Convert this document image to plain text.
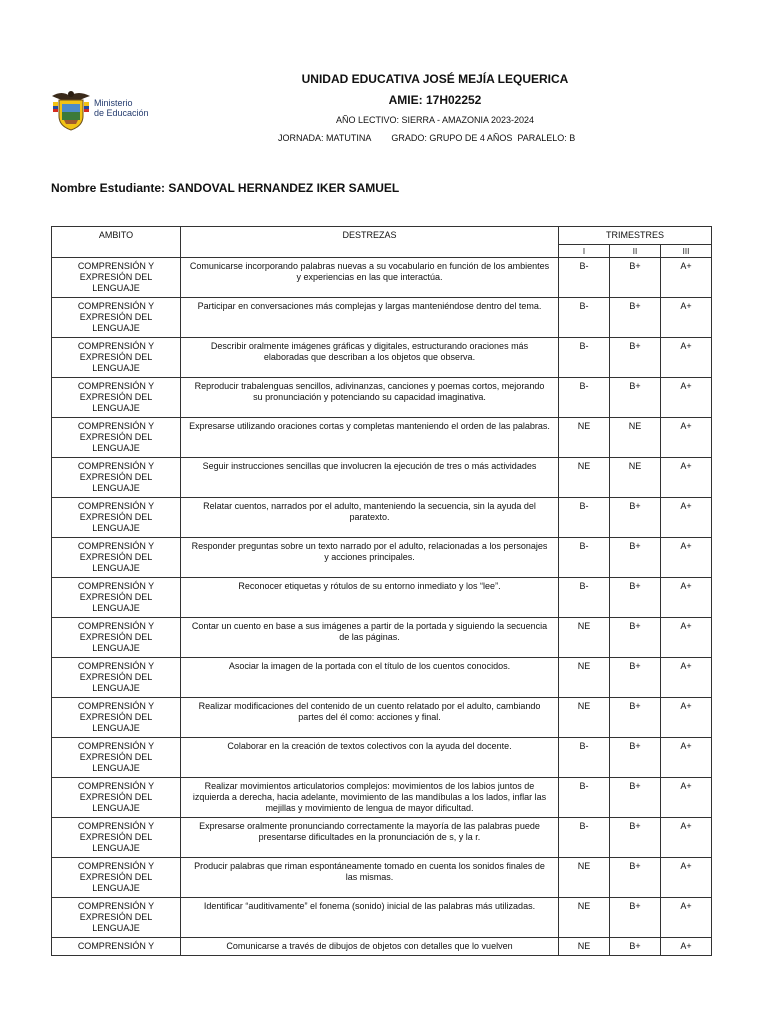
Ministerio
de Educación
UNIDAD EDUCATIVA JOSÉ MEJÍA LEQUERICA
AMIE: 17H02252
AÑO LECTIVO: SIERRA - AMAZONIA 2023-2024
JORNADA: MATUTINA GRADO: GRUPO DE 4 AÑOS  PARALELO: B
Nombre Estudiante: SANDOVAL HERNANDEZ IKER SAMUEL
AMBITO	DESTREZAS	TRIMESTRES		
		I	II	III
COMPRENSIÓN Y EXPRESIÓN DEL LENGUAJE	Comunicarse incorporando palabras nuevas a su vocabulario en función de los ambientes y experiencias en las que interactúa.	B-	B+	A+
COMPRENSIÓN Y EXPRESIÓN DEL LENGUAJE	Participar en conversaciones más complejas y largas manteniéndose dentro del tema.	B-	B+	A+
COMPRENSIÓN Y EXPRESIÓN DEL LENGUAJE	Describir oralmente imágenes gráficas y digitales, estructurando oraciones más elaboradas que describan a los objetos que observa.	B-	B+	A+
COMPRENSIÓN Y EXPRESIÓN DEL LENGUAJE	Reproducir trabalenguas sencillos, adivinanzas, canciones y poemas cortos, mejorando su pronunciación y potenciando su capacidad imaginativa.	B-	B+	A+
COMPRENSIÓN Y EXPRESIÓN DEL LENGUAJE	Expresarse utilizando oraciones cortas y completas manteniendo el orden de las palabras.	NE	NE	A+
COMPRENSIÓN Y EXPRESIÓN DEL LENGUAJE	Seguir instrucciones sencillas que involucren la ejecución de tres o más actividades	NE	NE	A+
COMPRENSIÓN Y EXPRESIÓN DEL LENGUAJE	Relatar cuentos, narrados por el adulto, manteniendo la secuencia, sin la ayuda del paratexto.	B-	B+	A+
COMPRENSIÓN Y EXPRESIÓN DEL LENGUAJE	Responder preguntas sobre un texto narrado por el adulto, relacionadas a los personajes y acciones principales.	B-	B+	A+
COMPRENSIÓN Y EXPRESIÓN DEL LENGUAJE	Reconocer etiquetas y rótulos de su entorno inmediato y los “lee”.	B-	B+	A+
COMPRENSIÓN Y EXPRESIÓN DEL LENGUAJE	Contar un cuento en base a sus imágenes a partir de la portada y siguiendo la secuencia de las páginas.	NE	B+	A+
COMPRENSIÓN Y EXPRESIÓN DEL LENGUAJE	Asociar la imagen de la portada con el título de los cuentos conocidos.	NE	B+	A+
COMPRENSIÓN Y EXPRESIÓN DEL LENGUAJE	Realizar modificaciones del contenido de un cuento relatado por el adulto, cambiando partes del él como: acciones y final.	NE	B+	A+
COMPRENSIÓN Y EXPRESIÓN DEL LENGUAJE	Colaborar en la creación de textos colectivos con la ayuda del docente.	B-	B+	A+
COMPRENSIÓN Y EXPRESIÓN DEL LENGUAJE	Realizar movimientos articulatorios complejos: movimientos de los labios juntos de izquierda a derecha, hacia adelante, movimiento de las mandíbulas a los lados, inflar las mejillas y movimiento de lengua de mayor dificultad.	B-	B+	A+
COMPRENSIÓN Y EXPRESIÓN DEL LENGUAJE	Expresarse oralmente pronunciando correctamente la mayoría de las palabras puede presentarse dificultades en la pronunciación de s, y la r.	B-	B+	A+
COMPRENSIÓN Y EXPRESIÓN DEL LENGUAJE	Producir palabras que riman espontáneamente tomado en cuenta los sonidos finales de las mismas.	NE	B+	A+
COMPRENSIÓN Y EXPRESIÓN DEL LENGUAJE	Identificar “auditivamente” el fonema (sonido) inicial de las palabras más utilizadas.	NE	B+	A+
COMPRENSIÓN Y	Comunicarse a través de dibujos de objetos con detalles que lo vuelven	NE	B+	A+
